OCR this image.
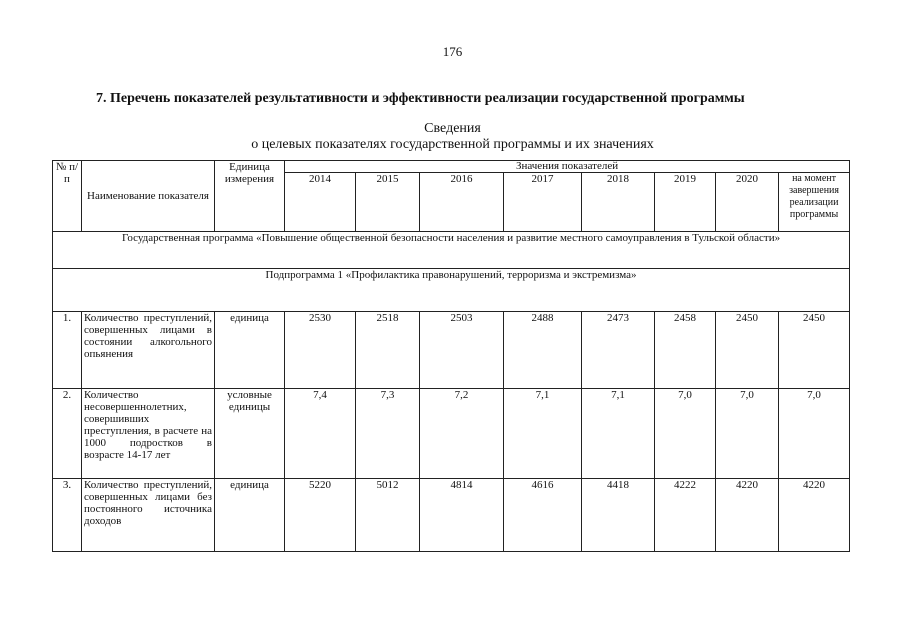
176
7. Перечень показателей результативности и эффективности реализации государственной программы
Сведения
о целевых показателях государственной программы и их значениях
№ п/п	Наименование показателя	Единица измерения	Значения показателей							
			2014	2015	2016	2017	2018	2019	2020	на момент завершения реализации программы
Государственная программа «Повышение общественной безопасности населения и развитие местного самоуправления в Тульской области»										
Подпрограмма 1 «Профилактика правонарушений, терроризма и экстремизма»										
1.	Количество преступлений, совершенных лицами в состоянии алкогольного опьянения	единица	2530	2518	2503	2488	2473	2458	2450	2450
2.	Количество несовершеннолетних, совершивших преступления, в расчете на 1000 подростков в возрасте 14-17 лет	условные единицы	7,4	7,3	7,2	7,1	7,1	7,0	7,0	7,0
3.	Количество преступлений, совершенных лицами без постоянного источника доходов	единица	5220	5012	4814	4616	4418	4222	4220	4220
